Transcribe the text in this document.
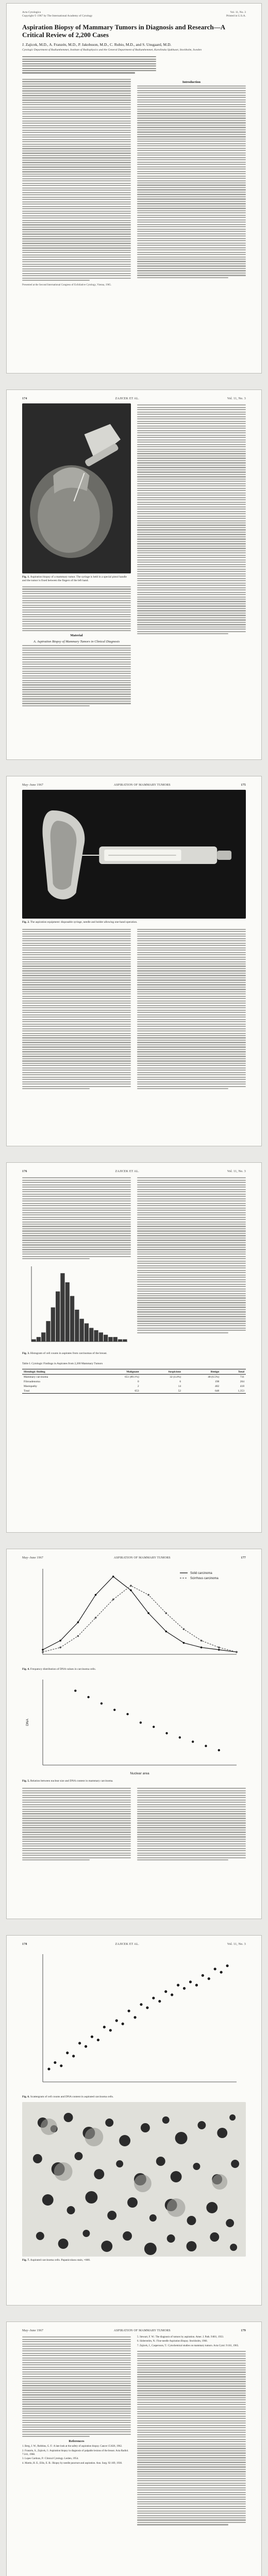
Acta Cytologica
Copyright © 1967 by The International Academy of Cytology
Vol. 11, No. 3
Printed in U.S.A.
Aspiration Biopsy of Mammary Tumors in Diagnosis and Research—A Critical Review of 2,200 Cases
J. Zajicek, M.D., A. Franzén, M.D., P. Jakobsson, M.D., C. Rubio, M.D., and S. Unsgaard, M.D.
Cytologic Department of Radiumhemmet, Institute of Radiophysics and the General Department of Radiumhemmet, Karolinska Sjukhuset, Stockholm, Sweden
Presented at the Second International Congress of Exfoliative Cytology, Vienna, 1965.
Introduction
174	ZAJICEK ET AL.	Vol. 11, No. 3
Fig. 1. Aspiration biopsy of a mammary tumor. The syringe is held in a special pistol handle and the tumor is fixed between the fingers of the left hand.
Material
A. Aspiration Biopsy of Mammary Tumors in Clinical Diagnosis
May–June 1967	ASPIRATION OF MAMMARY TUMORS	175
Fig. 2. The aspiration equipment: disposable syringe, needle and holder allowing one-hand operation.
176	ZAJICEK ET AL.	Vol. 11, No. 3
Fig. 3. Histogram of cell counts in aspirates from carcinomas of the breast.
Table I. Cytologic Findings in Aspirates from 2,200 Mammary Tumors
Histologic finding	Malignant	Suspicious	Benign	Total
Mammary carcinoma	651 (89.1%)	32 (4.4%)	48 (6.5%)	731
Fibroadenoma	0	6	198	204
Mastopathy	2	14	402	418
Total	653	52	648	1,353
May–June 1967	ASPIRATION OF MAMMARY TUMORS	177
Solid carcinoma
Scirrhous carcinoma
Fig. 4. Frequency distribution of DNA values in carcinoma cells.
Nuclear area
DNA
Fig. 5. Relation between nuclear size and DNA content in mammary carcinoma.
178	ZAJICEK ET AL.	Vol. 11, No. 3
Fig. 6. Scattergram of cell counts and DNA content in aspirated carcinoma cells.
Fig. 7. Aspirated carcinoma cells. Papanicolaou stain, ×600.
May–June 1967	ASPIRATION OF MAMMARY TUMORS	179
References
1. Berg, J. W., Robbins, G. F.: A late look at the safety of aspiration biopsy. Cancer 15:826, 1962.
2. Franzén, S., Zajicek, J.: Aspiration biopsy in diagnosis of palpable lesions of the breast. Acta Radiol. 7:241, 1968.
3. Lopes Cardozo, P.: Clinical Cytology. Leiden, 1954.
4. Martin, H. E., Ellis, E. B.: Biopsy by needle puncture and aspiration. Ann. Surg. 92:169, 1930.
5. Stewart, F. W.: The diagnosis of tumors by aspiration. Amer. J. Path. 9:801, 1933.
6. Söderström, N.: Fine-needle Aspiration Biopsy. Stockholm, 1966.
7. Zajicek, J., Caspersson, T.: Cytochemical studies on mammary tumors. Acta Cytol. 9:161, 1965.
